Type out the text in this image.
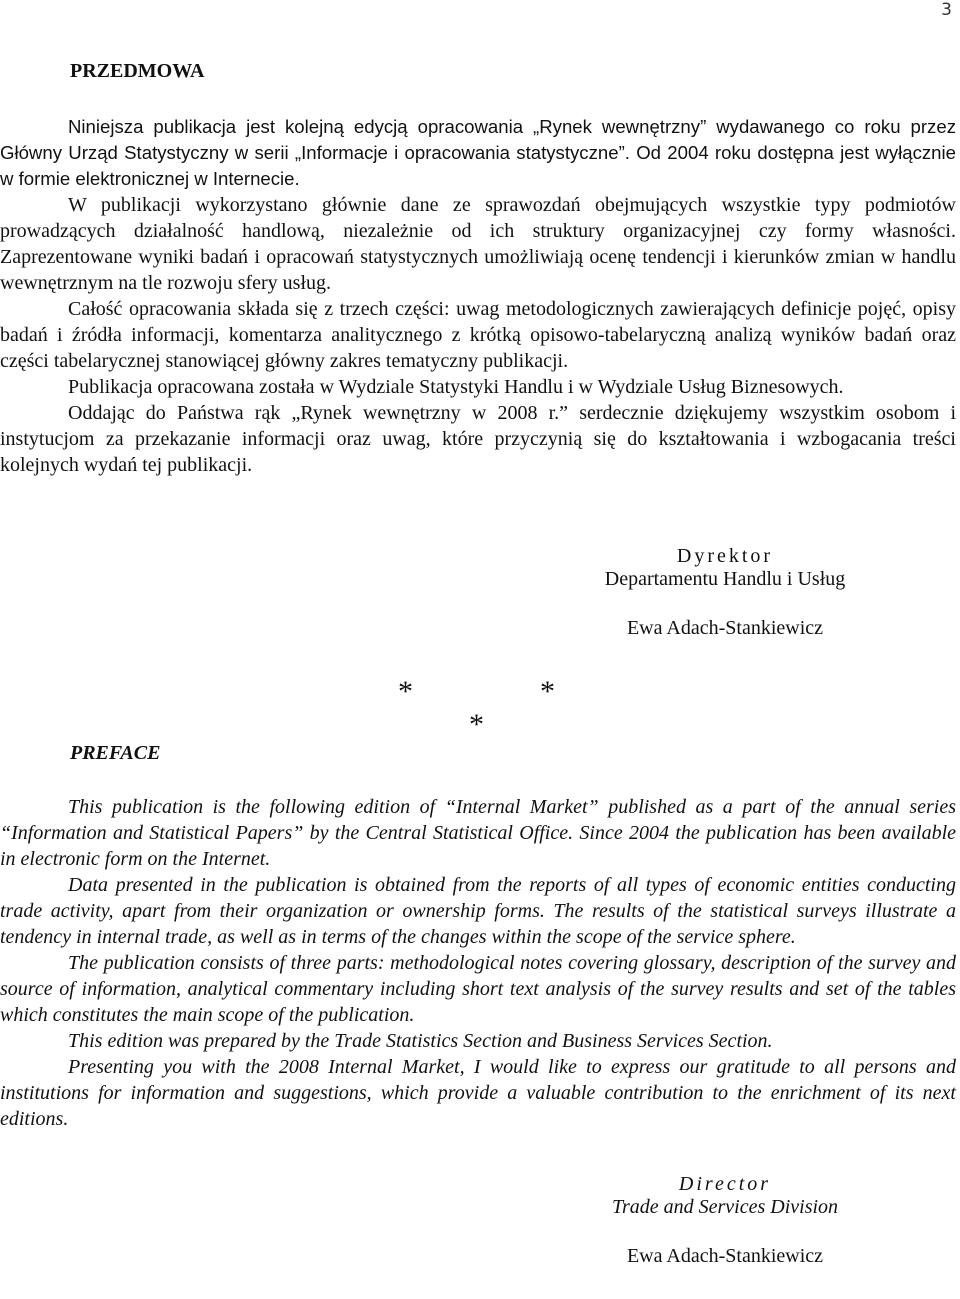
3
PRZEDMOWA

Niniejsza publikacja jest kolejną edycją opracowania „Rynek wewnętrzny” wydawanego co roku przez Główny Urząd Statystyczny w serii „Informacje i opracowania statystyczne”. Od 2004 roku dostępna jest wyłącznie w formie elektronicznej w Internecie.

W publikacji wykorzystano głównie dane ze sprawozdań obejmujących wszystkie typy podmiotów prowadzących działalność handlową, niezależnie od ich struktury organizacyjnej czy formy własności. Zaprezentowane wyniki badań i opracowań statystycznych umożliwiają ocenę tendencji i kierunków zmian w handlu wewnętrznym na tle rozwoju sfery usług.

Całość opracowania składa się z trzech części: uwag metodologicznych zawierających definicje pojęć, opisy badań i źródła informacji, komentarza analitycznego z krótką opisowo-tabelaryczną analizą wyników badań oraz części tabelarycznej stanowiącej główny zakres tematyczny publikacji.

Publikacja opracowana została w Wydziale Statystyki Handlu i w Wydziale Usług Biznesowych.

Oddając do Państwa rąk „Rynek wewnętrzny w 2008 r.” serdecznie dziękujemy wszystkim osobom i instytucjom za przekazanie informacji oraz uwag, które przyczynią się do kształtowania i wzbogacania treści kolejnych wydań tej publikacji.

Dyrektor
Departamentu Handlu i Usług
Ewa Adach-Stankiewicz
*	*
*
PREFACE

This publication is the following edition of “Internal Market” published as a part of the annual series “Information and Statistical Papers” by the Central Statistical Office. Since 2004 the publication has been available in electronic form on the Internet.

Data presented in the publication is obtained from the reports of all types of economic entities conducting trade activity, apart from their organization or ownership forms. The results of the statistical surveys illustrate a tendency in internal trade, as well as in terms of the changes within the scope of the service sphere.

The publication consists of three parts: methodological notes covering glossary, description of the survey and source of information, analytical commentary including short text analysis of the survey results and set of the tables which constitutes the main scope of the publication.

This edition was prepared by the Trade Statistics Section and Business Services Section.

Presenting you with the 2008 Internal Market, I would like to express our gratitude to all persons and institutions for information and suggestions, which provide a valuable contribution to the enrichment of its next editions.

Director
Trade and Services Division
Ewa Adach-Stankiewicz
